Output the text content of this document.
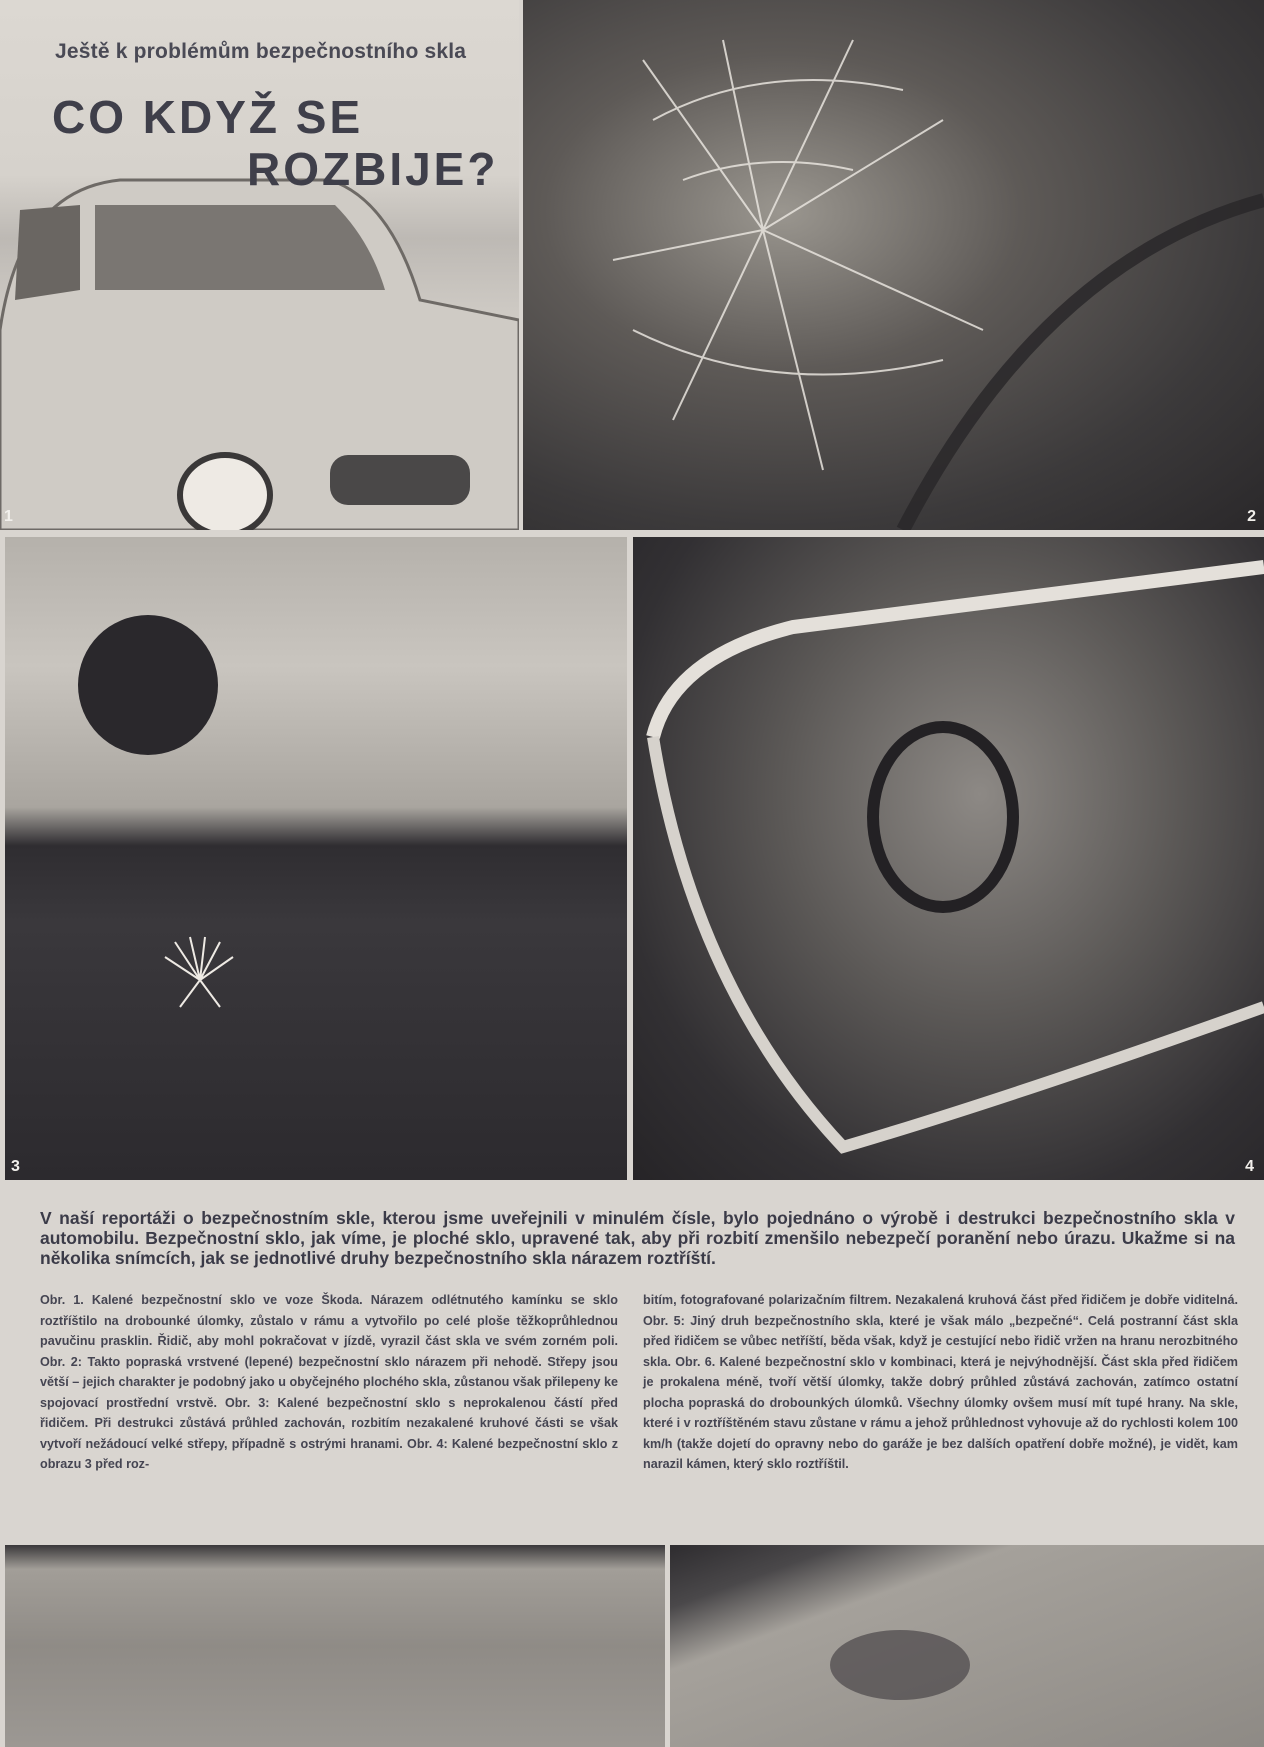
1
Ještě k problémům bezpečnostního skla
CO KDYŽ SE
ROZBIJE?
2
3	4
V naší reportáži o bezpečnostním skle, kterou jsme uveřejnili v minulém čísle, bylo pojednáno o výrobě i destrukci bezpečnostního skla v automobilu. Bezpečnostní sklo, jak víme, je ploché sklo, upravené tak, aby při rozbití zmenšilo nebezpečí poranění nebo úrazu. Ukažme si na několika snímcích, jak se jednotlivé druhy bezpečnostního skla nárazem roztříští.
Obr. 1. Kalené bezpečnostní sklo ve voze Škoda. Nárazem odlétnutého kamínku se sklo roztříštilo na drobounké úlomky, zůstalo v rámu a vytvořilo po celé ploše těžkoprůhlednou pavučinu prasklin. Řidič, aby mohl pokračovat v jízdě, vyrazil část skla ve svém zorném poli. Obr. 2: Takto popraská vrstvené (lepené) bezpečnostní sklo nárazem při nehodě. Střepy jsou větší – jejich charakter je podobný jako u obyčejného plochého skla, zůstanou však přilepeny ke spojovací prostřední vrstvě. Obr. 3: Kalené bezpečnostní sklo s neprokalenou částí před řidičem. Při destrukci zůstává průhled zachován, rozbitím nezakalené kruhové části se však vytvoří nežádoucí velké střepy, případně s ostrými hranami. Obr. 4: Kalené bezpečnostní sklo z obrazu 3 před roz-
bitím, fotografované polarizačním filtrem. Nezakalená kruhová část před řidičem je dobře viditelná. Obr. 5: Jiný druh bezpečnostního skla, které je však málo „bezpečné“. Celá postranní část skla před řidičem se vůbec netříští, běda však, když je cestující nebo řidič vržen na hranu nerozbitného skla. Obr. 6. Kalené bezpečnostní sklo v kombinaci, která je nejvýhodnější. Část skla před řidičem je prokalena méně, tvoří větší úlomky, takže dobrý průhled zůstává zachován, zatímco ostatní plocha popraská do drobounkých úlomků. Všechny úlomky ovšem musí mít tupé hrany. Na skle, které i v roztříštěném stavu zůstane v rámu a jehož průhlednost vyhovuje až do rychlosti kolem 100 km/h (takže dojetí do opravny nebo do garáže je bez dalších opatření dobře možné), je vidět, kam narazil kámen, který sklo roztříštil.
